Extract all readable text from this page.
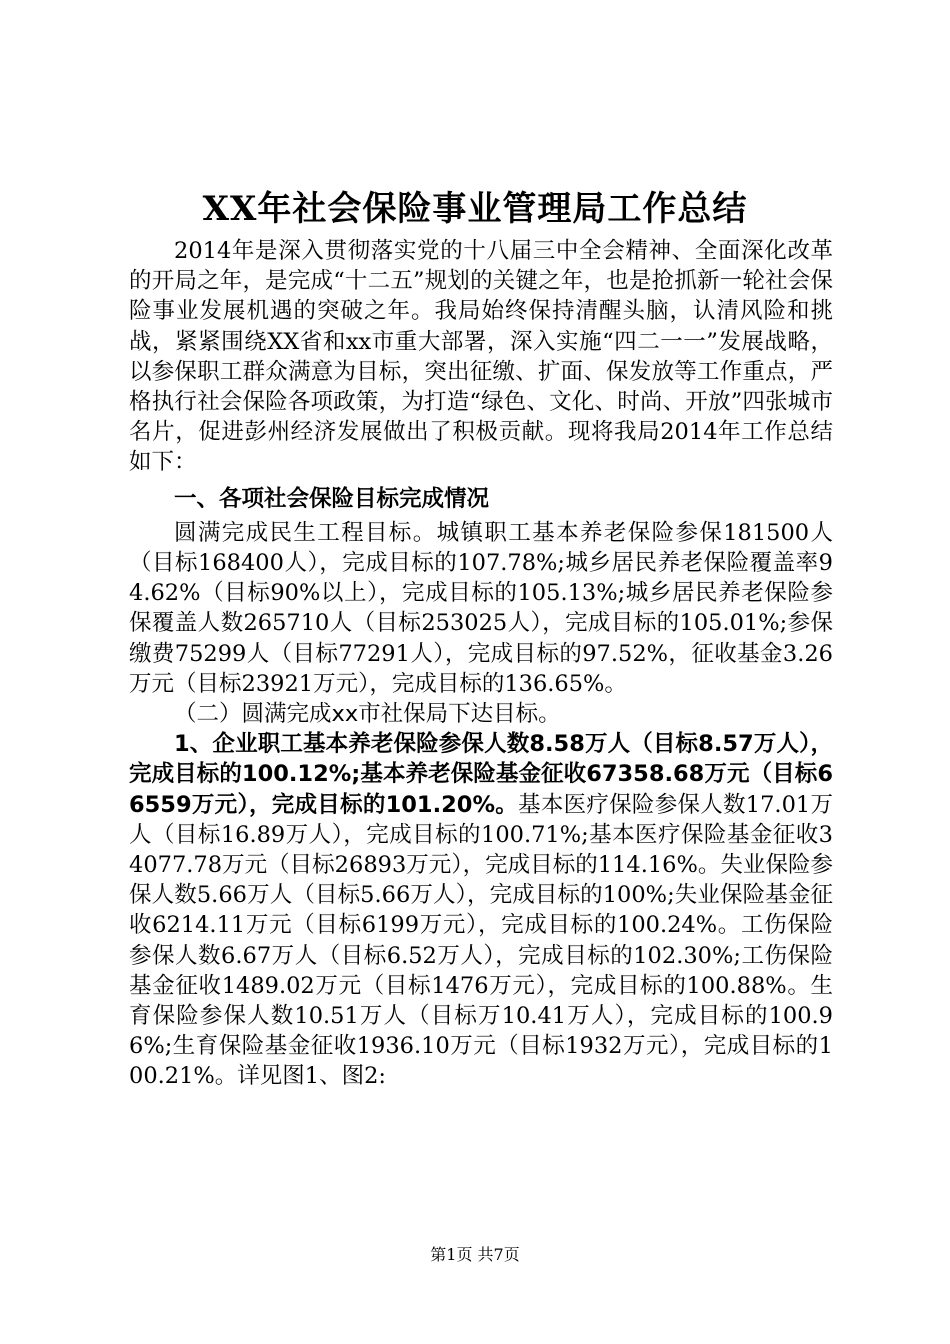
XX年社会保险事业管理局工作总结

2014年是深入贯彻落实党的十八届三中全会精神、全面深化改革的开局之年，是完成“十二五”规划的关键之年，也是抢抓新一轮社会保险事业发展机遇的突破之年。我局始终保持清醒头脑，认清风险和挑战，紧紧围绕XX省和xx市重大部署，深入实施“四二一一”发展战略，以参保职工群众满意为目标，突出征缴、扩面、保发放等工作重点，严格执行社会保险各项政策，为打造“绿色、文化、时尚、开放”四张城市名片，促进彭州经济发展做出了积极贡献。现将我局2014年工作总结如下：

一、各项社会保险目标完成情况

圆满完成民生工程目标。城镇职工基本养老保险参保181500人（目标168400人），完成目标的107.78%;城乡居民养老保险覆盖率94.62%（目标90%以上），完成目标的105.13%;城乡居民养老保险参保覆盖人数265710人（目标253025人），完成目标的105.01%;参保缴费75299人（目标77291人），完成目标的97.52%，征收基金3.26万元（目标23921万元），完成目标的136.65%。

（二）圆满完成xx市社保局下达目标。

1、企业职工基本养老保险参保人数8.58万人（目标8.57万人），完成目标的100.12%;基本养老保险基金征收67358.68万元（目标66559万元），完成目标的101.20%。基本医疗保险参保人数17.01万人（目标16.89万人），完成目标的100.71%;基本医疗保险基金征收34077.78万元（目标26893万元），完成目标的114.16%。失业保险参保人数5.66万人（目标5.66万人），完成目标的100%;失业保险基金征收6214.11万元（目标6199万元），完成目标的100.24%。工伤保险参保人数6.67万人（目标6.52万人），完成目标的102.30%;工伤保险基金征收1489.02万元（目标1476万元），完成目标的100.88%。生育保险参保人数10.51万人（目标万10.41万人），完成目标的100.96%;生育保险基金征收1936.10万元（目标1932万元），完成目标的100.21%。详见图1、图2:

第1页 共7页
